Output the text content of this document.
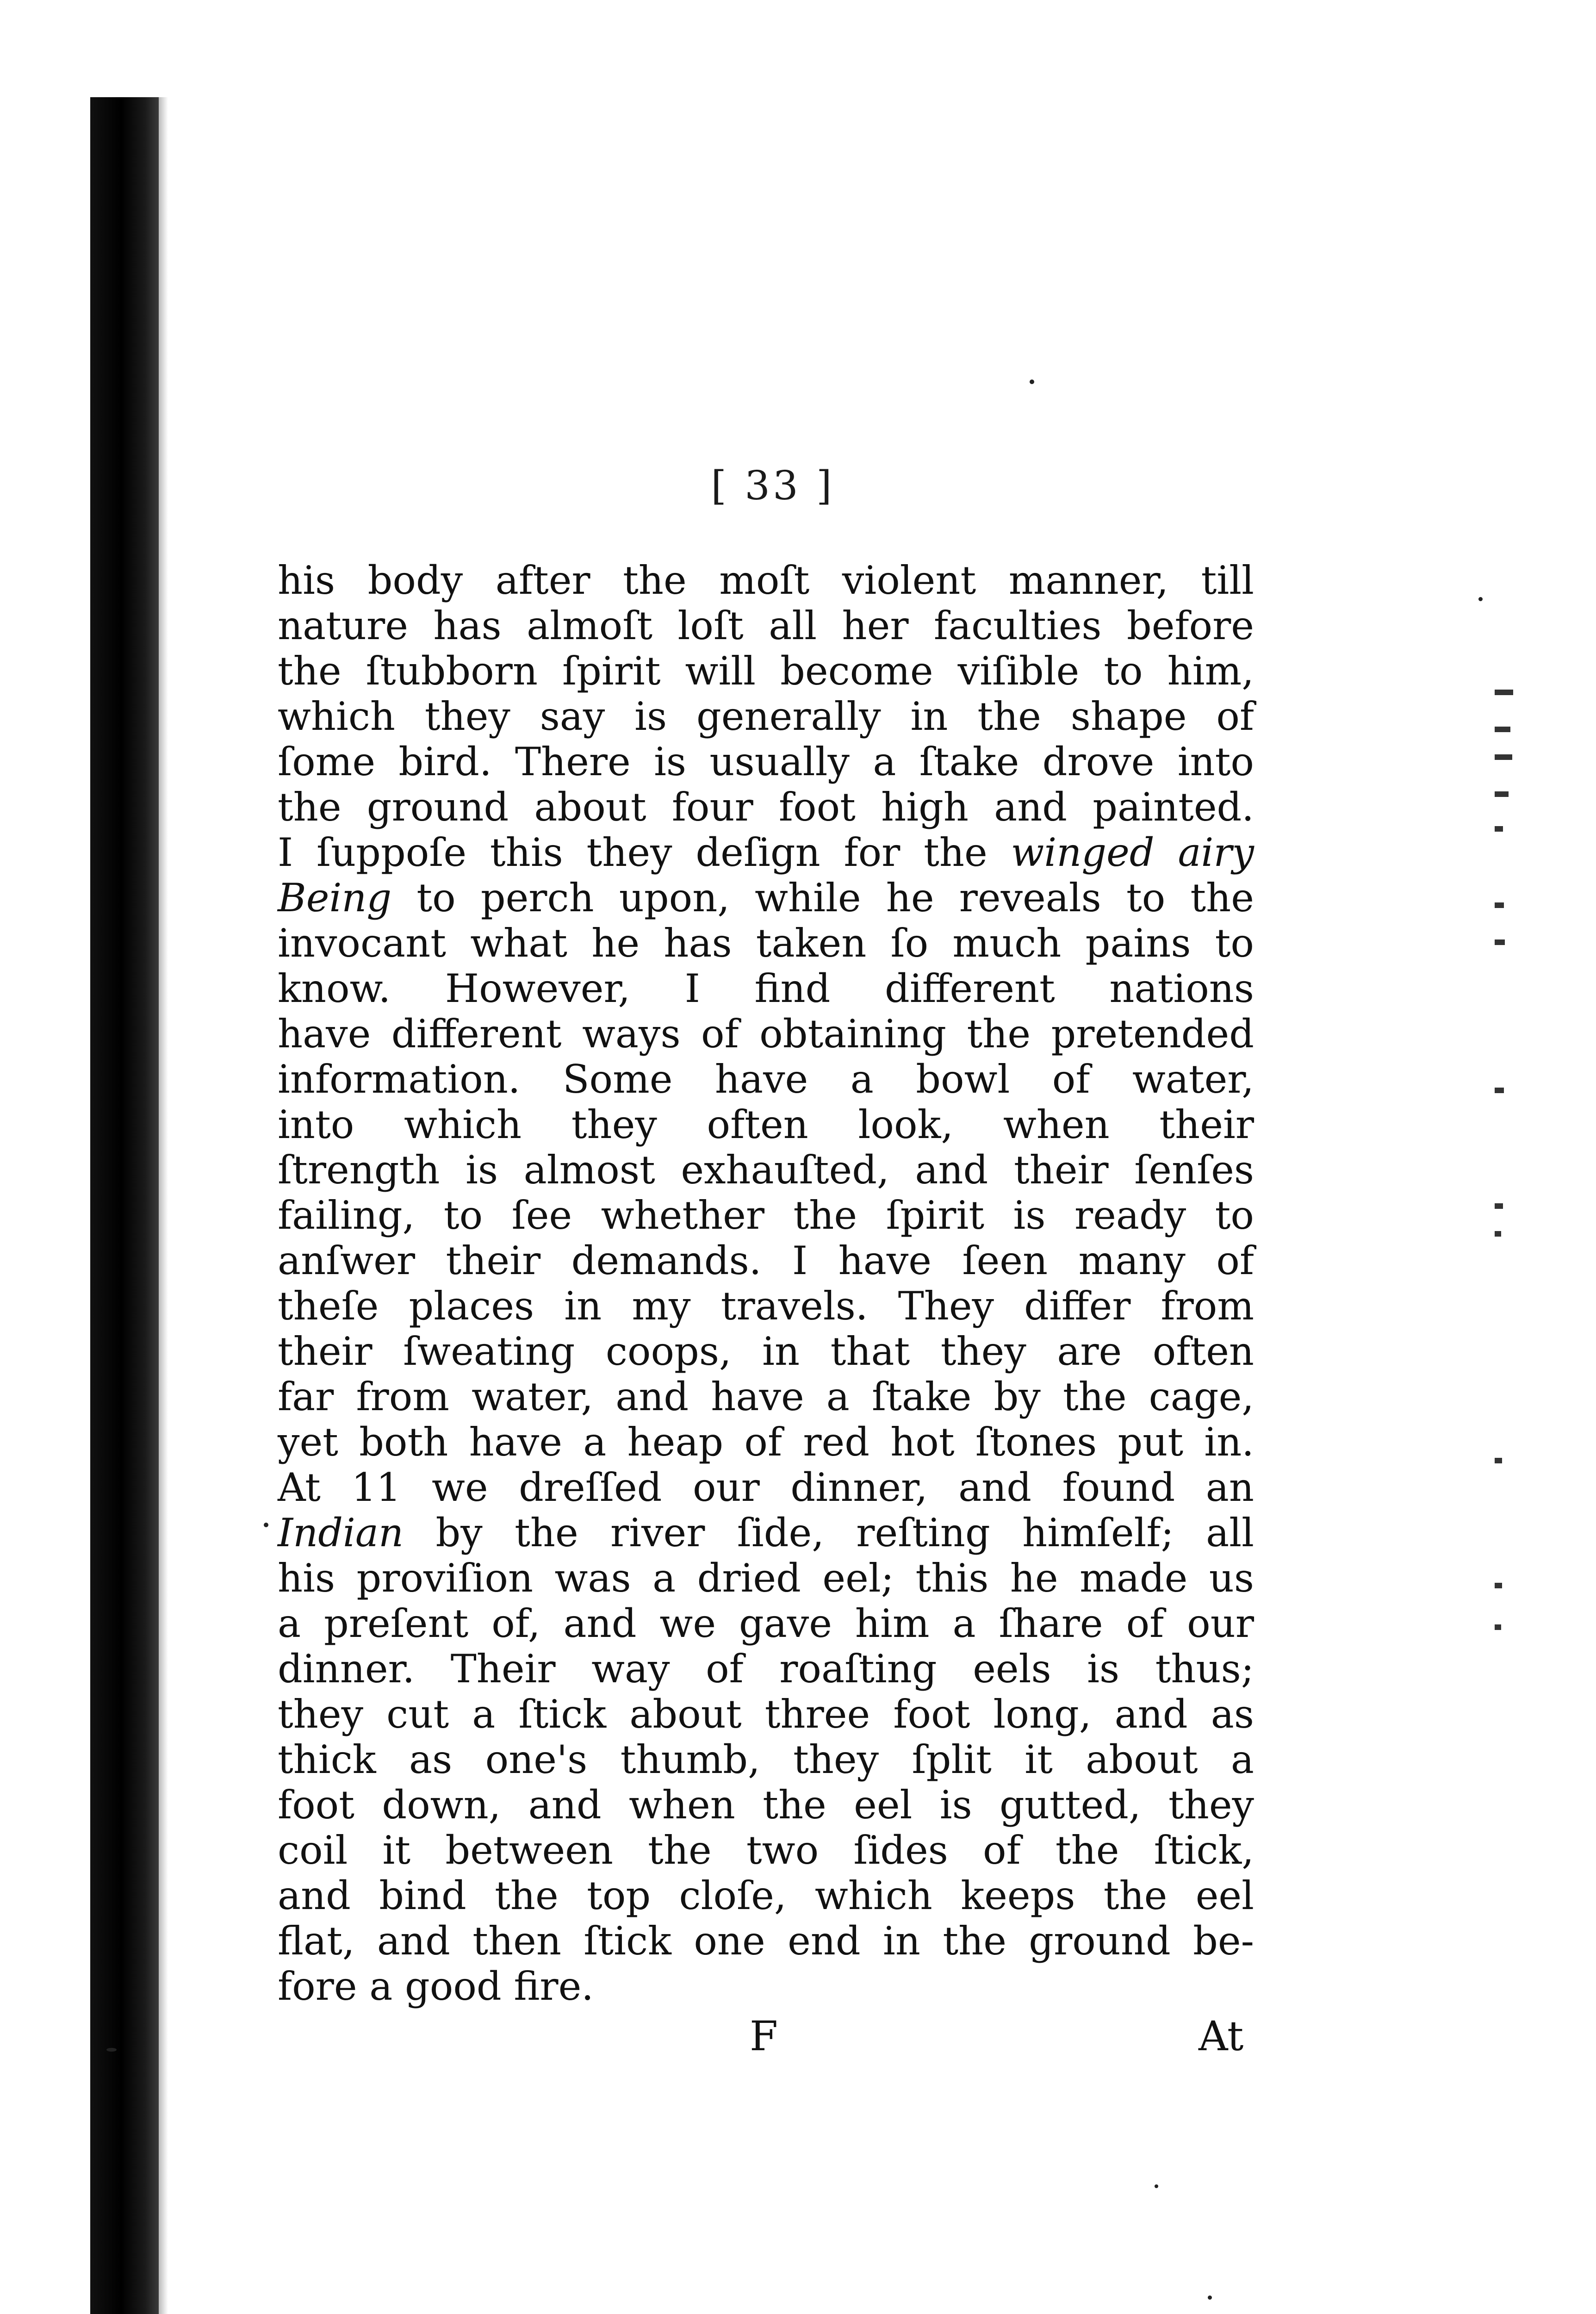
[ 33 ]
his body after the moſt violent manner, till
nature has almoſt loſt all her faculties before
the ſtubborn ſpirit will become viſible to him,
which they say is generally in the shape of
ſome bird. There is usually a ſtake drove into
the ground about four foot high and painted.
I ſuppoſe this they deſign for the winged airy
Being to perch upon, while he reveals to the
invocant what he has taken ſo much pains to
know. However, I find different nations
have different ways of obtaining the pretended
information. Some have a bowl of water,
into which they often look, when their
ſtrength is almost exhauſted, and their ſenſes
failing, to ſee whether the ſpirit is ready to
anſwer their demands. I have ſeen many of
theſe places in my travels. They differ from
their ſweating coops, in that they are often
far from water, and have a ſtake by the cage,
yet both have a heap of red hot ſtones put in.
At 11 we dreſſed our dinner, and found an
Indian by the river ſide, reſting himſelf; all
his proviſion was a dried eel; this he made us
a preſent of, and we gave him a ſhare of our
dinner. Their way of roaſting eels is thus;
they cut a ſtick about three foot long, and as
thick as one's thumb, they ſplit it about a
foot down, and when the eel is gutted, they
coil it between the two ſides of the ſtick,
and bind the top cloſe, which keeps the eel
flat, and then ſtick one end in the ground be-
fore a good fire.
F	At
